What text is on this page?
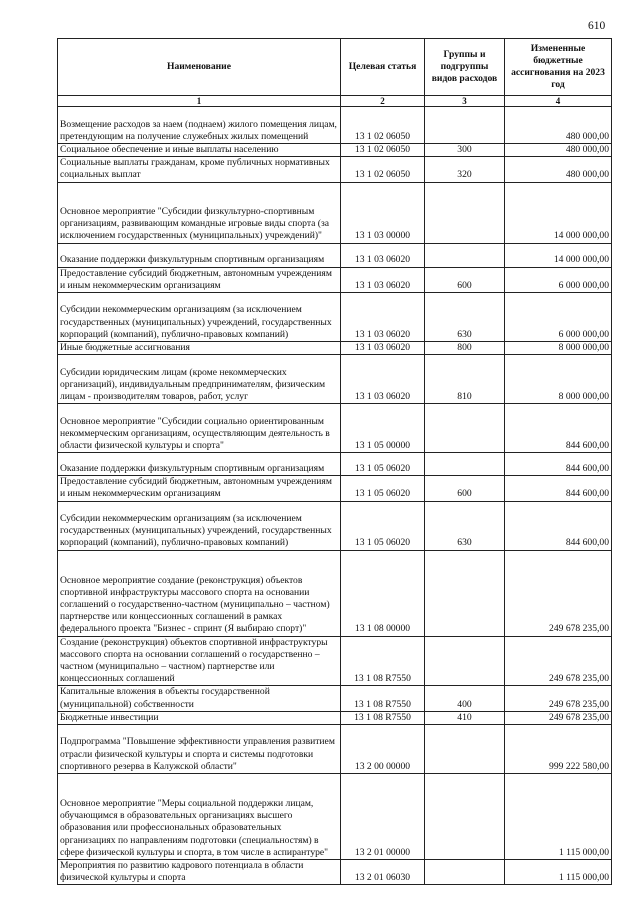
610
Наименование	Целевая статья	Группы и подгруппы видов расходов	Измененные бюджетные ассигнования на 2023 год
1	2	3	4
Возмещение расходов за наем (поднаем) жилого помещения лицам, претендующим на получение служебных жилых помещений	13 1 02 06050		480 000,00
Социальное обеспечение и иные выплаты населению	13 1 02 06050	300	480 000,00
Социальные выплаты гражданам, кроме публичных нормативных социальных выплат	13 1 02 06050	320	480 000,00
Основное мероприятие "Субсидии физкультурно-спортивным организациям, развивающим командные игровые виды спорта (за исключением государственных (муниципальных) учреждений)"	13 1 03 00000		14 000 000,00
Оказание поддержки физкультурным спортивным организациям	13 1 03 06020		14 000 000,00
Предоставление субсидий бюджетным, автономным учреждениям и иным некоммерческим организациям	13 1 03 06020	600	6 000 000,00
Субсидии некоммерческим организациям (за исключением государственных (муниципальных) учреждений, государственных корпораций (компаний), публично-правовых компаний)	13 1 03 06020	630	6 000 000,00
Иные бюджетные ассигнования	13 1 03 06020	800	8 000 000,00
Субсидии юридическим лицам (кроме некоммерческих организаций), индивидуальным предпринимателям, физическим лицам - производителям товаров, работ, услуг	13 1 03 06020	810	8 000 000,00
Основное мероприятие "Субсидии социально ориентированным некоммерческим организациям, осуществляющим деятельность в области физической культуры и спорта"	13 1 05 00000		844 600,00
Оказание поддержки физкультурным спортивным организациям	13 1 05 06020		844 600,00
Предоставление субсидий бюджетным, автономным учреждениям и иным некоммерческим организациям	13 1 05 06020	600	844 600,00
Субсидии некоммерческим организациям (за исключением государственных (муниципальных) учреждений, государственных корпораций (компаний), публично-правовых компаний)	13 1 05 06020	630	844 600,00
Основное мероприятие создание (реконструкция) объектов спортивной инфраструктуры массового спорта на основании соглашений о государственно-частном (муниципально – частном) партнерстве или концессионных соглашений в рамках федерального проекта "Бизнес - спринт (Я выбираю спорт)"	13 1 08 00000		249 678 235,00
Создание (реконструкция) объектов спортивной инфраструктуры массового спорта на основании соглашений о государственно –частном (муниципально – частном) партнерстве или концессионных соглашений	13 1 08 R7550		249 678 235,00
Капитальные вложения в объекты государственной (муниципальной) собственности	13 1 08 R7550	400	249 678 235,00
Бюджетные инвестиции	13 1 08 R7550	410	249 678 235,00
Подпрограмма "Повышение эффективности управления развитием отрасли физической культуры и спорта и системы подготовки спортивного резерва в Калужской области"	13 2 00 00000		999 222 580,00
Основное мероприятие "Меры социальной поддержки лицам, обучающимся в образовательных организациях высшего образования или профессиональных образовательных организациях по направлениям подготовки (специальностям) в сфере физической культуры и спорта, в том числе в аспирантуре"	13 2 01 00000		1 115 000,00
Мероприятия по развитию кадрового потенциала в области физической культуры и спорта	13 2 01 06030		1 115 000,00
